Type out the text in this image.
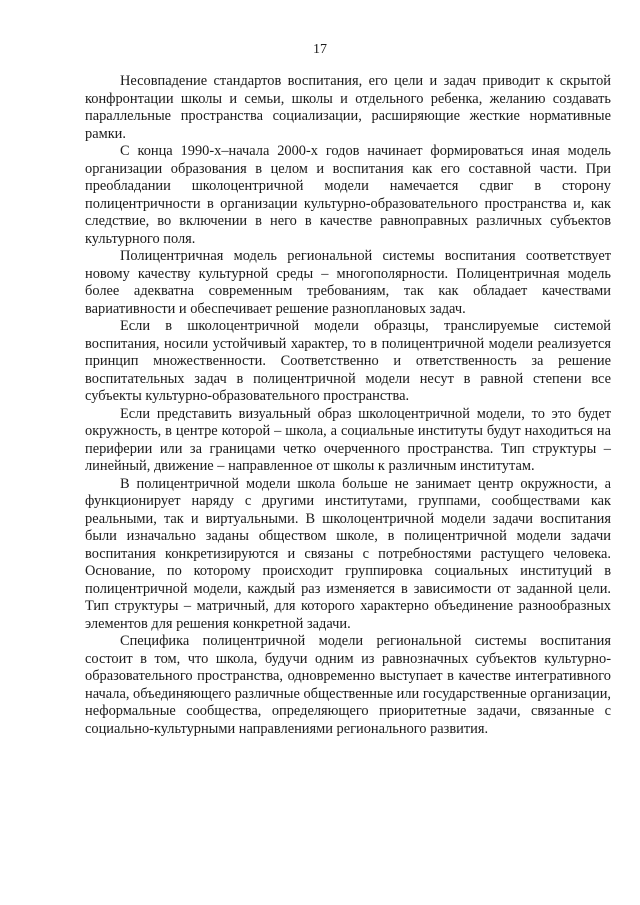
17

Несовпадение стандартов воспитания, его цели и задач приводит к скрытой конфронтации школы и семьи, школы и отдельного ребенка, желанию создавать параллельные пространства социализации, расширяющие жесткие нормативные рамки.

С конца 1990-х–начала 2000-х годов начинает формироваться иная модель организации образования в целом и воспитания как его составной части. При преобладании школоцентричной модели намечается сдвиг в сторону полицентричности в организации культурно-образовательного пространства и, как следствие, во включении в него в качестве равноправных различных субъектов культурного поля.

Полицентричная модель региональной системы воспитания соответствует новому качеству культурной среды – многополярности. Полицентричная модель более адекватна современным требованиям, так как обладает качествами вариативности и обеспечивает решение разноплановых задач.

Если в школоцентричной модели образцы, транслируемые системой воспитания, носили устойчивый характер, то в полицентричной модели реализуется принцип множественности. Соответственно и ответственность за решение воспитательных задач в полицентричной модели несут в равной степени все субъекты культурно-образовательного пространства.

Если представить визуальный образ школоцентричной модели, то это будет окружность, в центре которой – школа, а социальные институты будут находиться на периферии или за границами четко очерченного пространства. Тип структуры – линейный, движение – направленное от школы к различным институтам.

В полицентричной модели школа больше не занимает центр окружности, а функционирует наряду с другими институтами, группами, сообществами как реальными, так и виртуальными. В школоцентричной модели задачи воспитания были изначально заданы обществом школе, в полицентричной модели задачи воспитания конкретизируются и связаны с потребностями растущего человека. Основание, по которому происходит группировка социальных институций в полицентричной модели, каждый раз изменяется в зависимости от заданной цели. Тип структуры – матричный, для которого характерно объединение разнообразных элементов для решения конкретной задачи.

Специфика полицентричной модели региональной системы воспитания состоит в том, что школа, будучи одним из равнозначных субъектов культурно-образовательного пространства, одновременно выступает в качестве интегративного начала, объединяющего различные общественные или государственные организации, неформальные сообщества, определяющего приоритетные задачи, связанные с социально-культурными направлениями регионального развития.
